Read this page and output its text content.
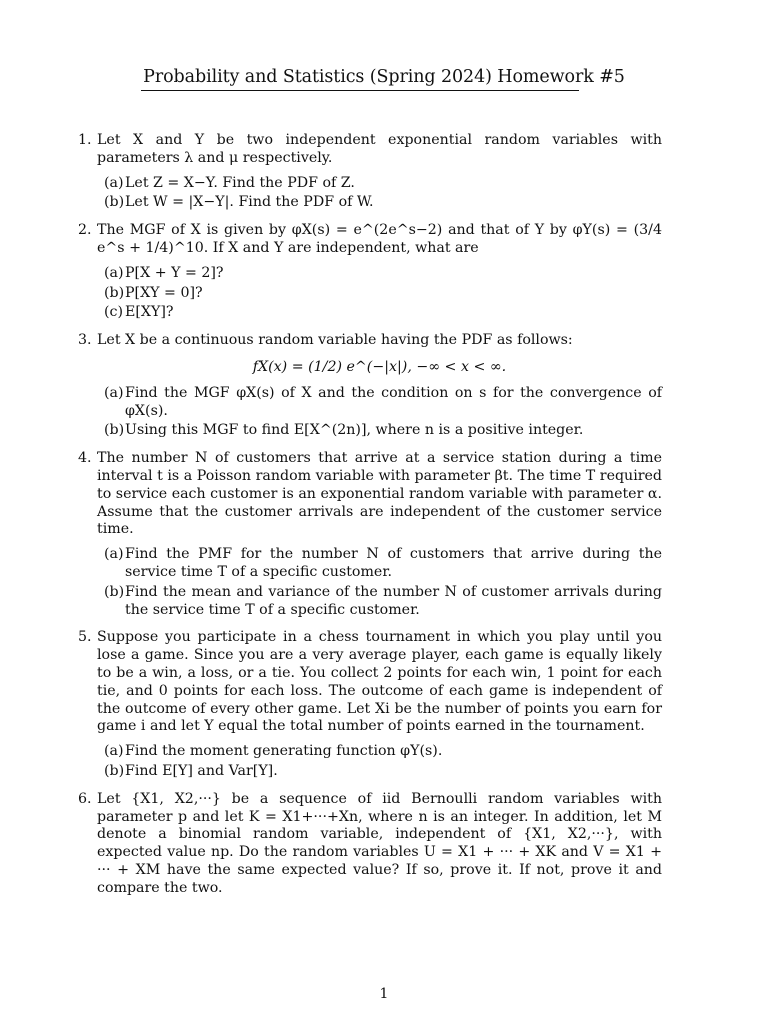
Probability and Statistics (Spring 2024) Homework #5
1. Let X and Y be two independent exponential random variables with parameters λ and μ respectively.
(a) Let Z = X−Y. Find the PDF of Z.
(b) Let W = |X−Y|. Find the PDF of W.
2. The MGF of X is given by φX(s) = e^(2e^s−2) and that of Y by φY(s) = (3/4 e^s + 1/4)^10. If X and Y are independent, what are
(a) P[X + Y = 2]?
(b) P[XY = 0]?
(c) E[XY]?
3. Let X be a continuous random variable having the PDF as follows:
fX(x) = (1/2) e^(−|x|), −∞ < x < ∞.
(a) Find the MGF φX(s) of X and the condition on s for the convergence of φX(s).
(b) Using this MGF to find E[X^(2n)], where n is a positive integer.
4. The number N of customers that arrive at a service station during a time interval t is a Poisson random variable with parameter βt. The time T required to service each customer is an exponential random variable with parameter α. Assume that the customer arrivals are independent of the customer service time.
(a) Find the PMF for the number N of customers that arrive during the service time T of a specific customer.
(b) Find the mean and variance of the number N of customer arrivals during the service time T of a specific customer.
5. Suppose you participate in a chess tournament in which you play until you lose a game. Since you are a very average player, each game is equally likely to be a win, a loss, or a tie. You collect 2 points for each win, 1 point for each tie, and 0 points for each loss. The outcome of each game is independent of the outcome of every other game. Let Xi be the number of points you earn for game i and let Y equal the total number of points earned in the tournament.
(a) Find the moment generating function φY(s).
(b) Find E[Y] and Var[Y].
6. Let {X1, X2,···} be a sequence of iid Bernoulli random variables with parameter p and let K = X1+···+Xn, where n is an integer. In addition, let M denote a binomial random variable, independent of {X1, X2,···}, with expected value np. Do the random variables U = X1 + ··· + XK and V = X1 + ··· + XM have the same expected value? If so, prove it. If not, prove it and compare the two.
1
